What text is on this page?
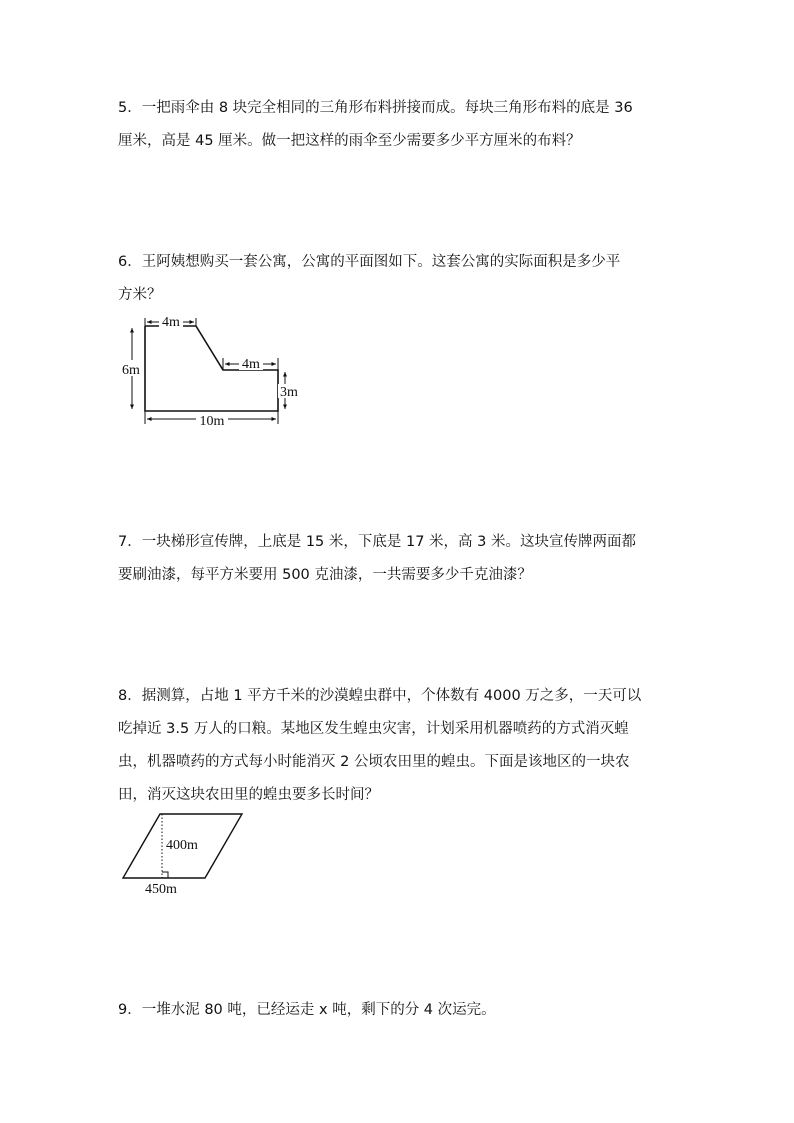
5．一把雨伞由 8 块完全相同的三角形布料拼接而成。每块三角形布料的底是 36

厘米，高是 45 厘米。做一把这样的雨伞至少需要多少平方厘米的布料？

6．王阿姨想购买一套公寓，公寓的平面图如下。这套公寓的实际面积是多少平

方米？

4m
4m
6m
3m
10m

7．一块梯形宣传牌，上底是 15 米，下底是 17 米，高 3 米。这块宣传牌两面都

要刷油漆，每平方米要用 500 克油漆，一共需要多少千克油漆？

8．据测算，占地 1 平方千米的沙漠蝗虫群中，个体数有 4000 万之多，一天可以

吃掉近 3.5 万人的口粮。某地区发生蝗虫灾害，计划采用机器喷药的方式消灭蝗

虫，机器喷药的方式每小时能消灭 2 公顷农田里的蝗虫。下面是该地区的一块农

田，消灭这块农田里的蝗虫要多长时间？

400m
450m

9．一堆水泥 80 吨，已经运走 x 吨，剩下的分 4 次运完。
